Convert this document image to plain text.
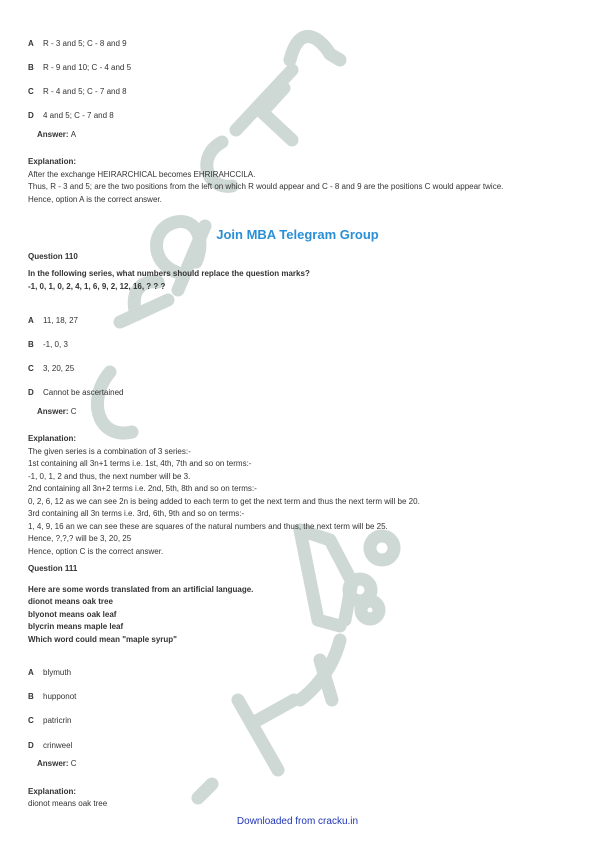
A R - 3 and 5; C - 8 and 9
B R - 9 and 10; C - 4 and 5
C R - 4 and 5; C - 7 and 8
D 4 and 5; C - 7 and 8
Answer: A
Explanation:
After the exchange HEIRARCHICAL becomes EHRIRAHCCILA.
Thus, R - 3 and 5; are the two positions from the left on which R would appear and C - 8 and 9 are the positions C would appear twice.
Hence, option A is the correct answer.
Join MBA Telegram Group
Question 110
In the following series, what numbers should replace the question marks?
-1, 0, 1, 0, 2, 4, 1, 6, 9, 2, 12, 16, ? ? ?
A 11, 18, 27
B -1, 0, 3
C 3, 20, 25
D Cannot be ascertained
Answer: C
Explanation:
The given series is a combination of 3 series:-
1st containing all 3n+1 terms i.e. 1st, 4th, 7th and so on terms:-
-1, 0, 1, 2 and thus, the next number will be 3.
2nd containing all 3n+2 terms i.e. 2nd, 5th, 8th and so on terms:-
0, 2, 6, 12 as we can see 2n is being added to each term to get the next term and thus the next term will be 20.
3rd containing all 3n terms i.e. 3rd, 6th, 9th and so on terms:-
1, 4, 9, 16 an we can see these are squares of the natural numbers and thus, the next term will be 25.
Hence, ?,?,? will be 3, 20, 25
Hence, option C is the correct answer.
Question 111
Here are some words translated from an artificial language.
dionot means oak tree
blyonot means oak leaf
blycrin means maple leaf
Which word could mean "maple syrup"
A blymuth
B hupponot
C patricrin
D crinweel
Answer: C
Explanation:
dionot means oak tree
Downloaded from cracku.in
